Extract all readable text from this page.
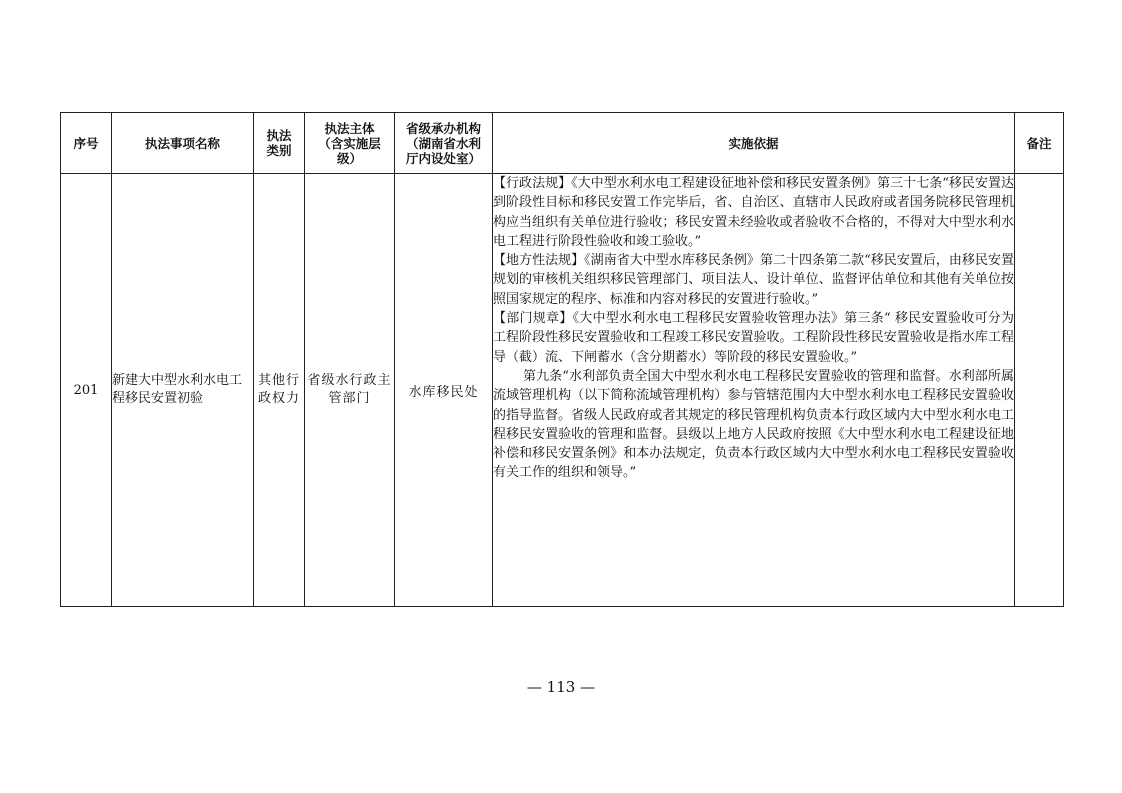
序号	执法事项名称	执法类别	执法主体（含实施层级）	省级承办机构（湖南省水利厅内设处室）	实施依据	备注
201	新建大中型水利水电工程移民安置初验	其他行政权力	省级水行政主管部门	水库移民处	【行政法规】《大中型水利水电工程建设征地补偿和移民安置条例》第三十七条“移民安置达到阶段性目标和移民安置工作完毕后，省、自治区、直辖市人民政府或者国务院移民管理机构应当组织有关单位进行验收；移民安置未经验收或者验收不合格的，不得对大中型水利水电工程进行阶段性验收和竣工验收。”
【地方性法规】《湖南省大中型水库移民条例》第二十四条第二款“移民安置后，由移民安置规划的审核机关组织移民管理部门、项目法人、设计单位、监督评估单位和其他有关单位按照国家规定的程序、标准和内容对移民的安置进行验收。”
【部门规章】《大中型水利水电工程移民安置验收管理办法》第三条“ 移民安置验收可分为工程阶段性移民安置验收和工程竣工移民安置验收。工程阶段性移民安置验收是指水库工程导（截）流、下闸蓄水（含分期蓄水）等阶段的移民安置验收。”
第九条“水利部负责全国大中型水利水电工程移民安置验收的管理和监督。水利部所属流域管理机构（以下简称流域管理机构）参与管辖范围内大中型水利水电工程移民安置验收的指导监督。省级人民政府或者其规定的移民管理机构负责本行政区域内大中型水利水电工程移民安置验收的管理和监督。县级以上地方人民政府按照《大中型水利水电工程建设征地补偿和移民安置条例》和本办法规定，负责本行政区域内大中型水利水电工程移民安置验收有关工作的组织和领导。”	

— 113 —
